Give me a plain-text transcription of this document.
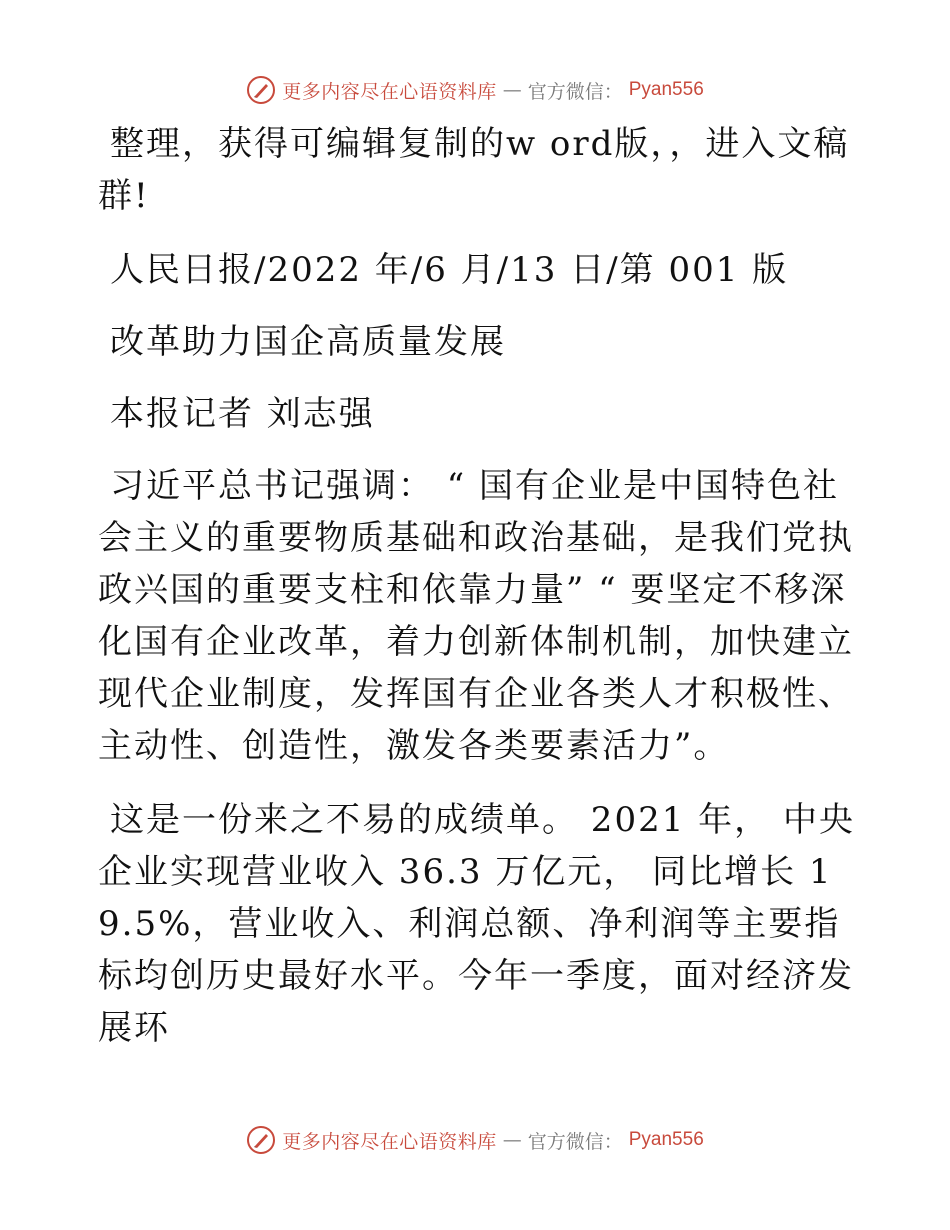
更多内容尽在心语资料库 — 官方微信： Pyan556

整理，获得可编辑复制的w ord版，，进入文稿群!

人民日报/2022 年/6 月/13 日/第 001 版

改革助力国企高质量发展

本报记者 刘志强

习近平总书记强调： “ 国有企业是中国特色社会主义的重要物质基础和政治基础，是我们党执政兴国的重要支柱和依靠力量” “ 要坚定不移深化国有企业改革，着力创新体制机制，加快建立现代企业制度，发挥国有企业各类人才积极性、主动性、创造性，激发各类要素活力”。

这是一份来之不易的成绩单。 2021 年， 中央企业实现营业收入 36.3 万亿元， 同比增长 19.5%，营业收入、利润总额、净利润等主要指标均创历史最好水平。今年一季度，面对经济发展环

更多内容尽在心语资料库 — 官方微信： Pyan556
